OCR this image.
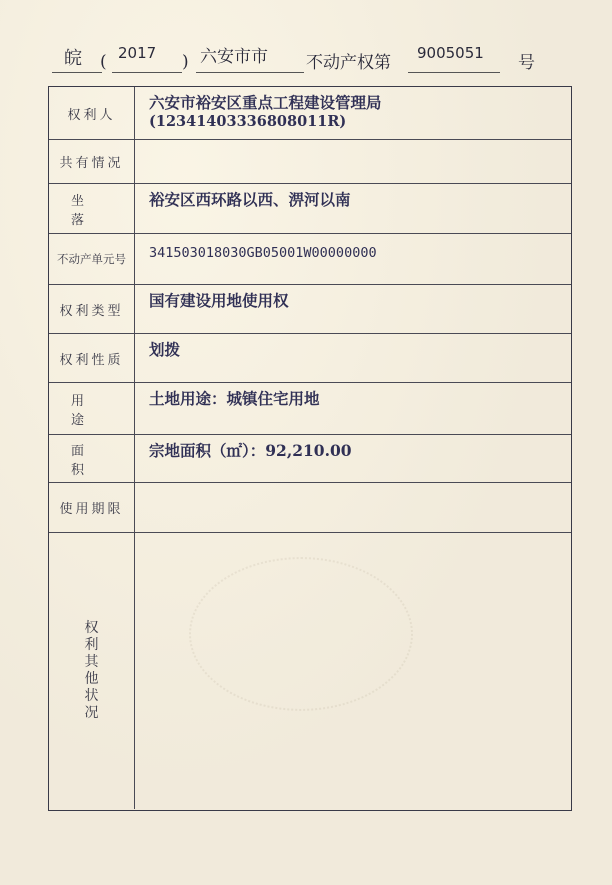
皖 ( 2017 ) 六安市市 不动产权第 9005051 号
权利人
六安市裕安区重点工程建设管理局
(12341403336808011R)
共有情况
坐落
裕安区西环路以西、淠河以南
不动产单元号	341503018030GB05001W00000000
权利类型
国有建设用地使用权
权利性质
划拨
用途
土地用途：城镇住宅用地
面积
宗地面积（㎡）：92,210.00
使用期限
权
利
其
他
状
况
